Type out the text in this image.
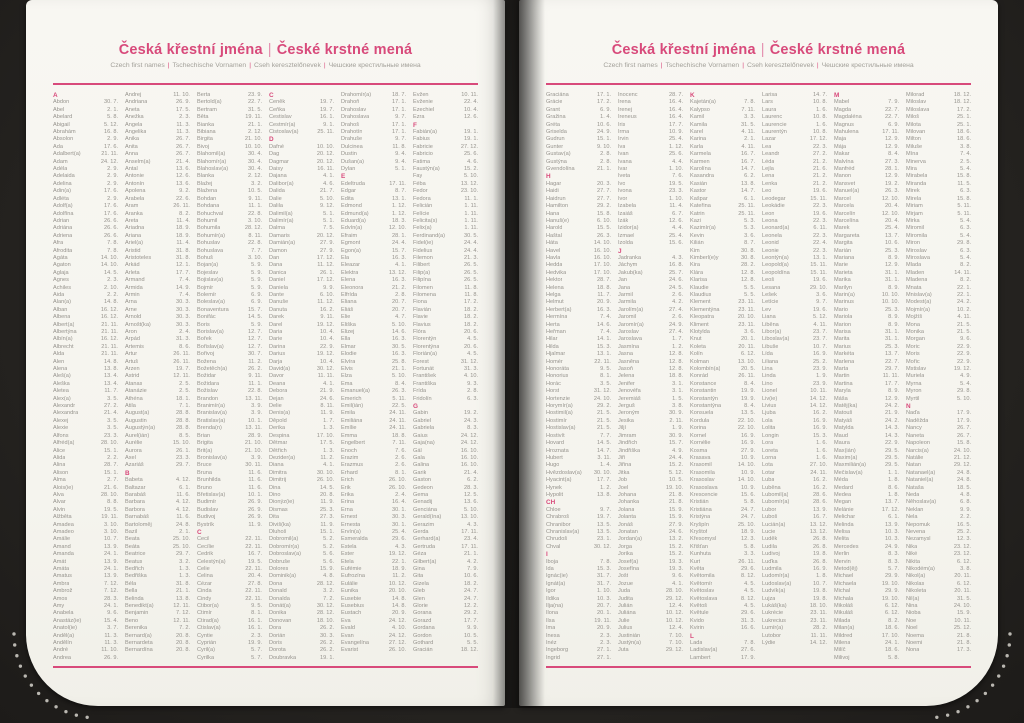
Česká křestní jména | České krstné mená
Czech first names | Tschechische Vornamen | Cseh keresztelőnevek | Чешские крестильные имена
A
Abdon	30. 7.
Ábel	2. 1.
Abelard	5. 8.
Abigail	5. 12.
Abrahám	16. 8.
Absolon	2. 9.
Ada	17. 6.
Adalbert(a)	21. 11.
Adam	24. 12.
Adéla	2. 9.
Adelaida	2. 9.
Adelina	2. 9.
Adin(a)	17. 6.
Adléta	2. 9.
Adolf(a)	17. 6.
Adolfína	17. 6.
Adrian	26. 6.
Adriána	26. 6.
Adriena	26. 6.
Afra	7. 8.
Afrodita	7. 8.
Agáta	14. 10.
Agaton	14. 10.
Aglaja	14. 5.
Agnes	2. 3.
Achiles	2. 10.
Aida	2. 2.
Alan(a)	14. 8.
Alban	16. 12.
Albena	16. 12.
Albert(a)	21. 11.
Albertýna	21. 11.
Albín(a)	16. 12.
Albrecht	21. 11.
Alda	21. 11.
Alen	14. 8.
Alena	13. 8.
Aleš(a)	13. 4.
Aleška	13. 4.
Aletea	11. 7.
Alex(a)	3. 5.
Alexandr	27. 2.
Alexandra	21. 4.
Alexej	3. 5.
Alexie	3. 5.
Alfons	23. 3.
Alfréd(a)	28. 10.
Alice	15. 1.
Alida	2. 2.
Alina	28. 7.
Alison	15. 1.
Alma	2. 7.
Alois(ie)	21. 6.
Alva	28. 10.
Alvar	8. 8.
Alvin	19. 5.
Alžběta	19. 11.
Amadea	3. 10.
Amadeo	3. 10.
Amálie	10. 7.
Amand	13. 9.
Amanda	24. 1.
Amát	13. 9.
Amáta	24. 1.
Amatus	13. 9.
Ambra	7. 12.
Ambrož	7. 12.
Ámos	28. 3.
Amy	24. 1.
Anabela	9. 6.
Anastáz(ie)	15. 4.
Anatol(ie)	3. 7.
Anděl(a)	11. 3.
Andělín	11. 3.
André	11. 10.
Andrea	26. 9.
Andrej	11. 10.
Andriana	26. 9.
Aneta	17. 5.
Anežka	2. 3.
Angela	11. 3.
Angelika	11. 3.
Anika	26. 7.
Anita	26. 7.
Anna	26. 7.
Anselm(a)	21. 4.
Antal	13. 6.
Antonie	12. 6.
Antonín	13. 6.
Apolena	9. 2.
Arabela	22. 6.
Aram	26. 11.
Aranka	8. 2.
Areta	11. 4.
Ariadna	18. 9.
Ariana	18. 9.
Ariel(a)	11. 4.
Aristid	31. 8.
Aristoteles	31. 8.
Arkád	12. 1.
Arleta	17. 7.
Armand	7. 4.
Armida	14. 9.
Armin	7. 4.
Arna	30. 3.
Arne	30. 3.
Arnold	30. 3.
Arnošt(ka)	30. 3.
Áron	2. 4.
Arpád	31. 3.
Artemis	8. 6.
Artur	26. 11.
Artuš	26. 11.
Arzen	19. 7.
Astrid	12. 11.
Atanas	2. 5.
Atanázie	2. 5.
Athéna	18. 1.
Atila	7. 1.
August(a)	28. 8.
Augustin	28. 8.
Augustýn(a)	28. 8.
Aurel(ián)	8. 5.
Aurélie	15. 10.
Aurora	26. 1.
Axel	23. 3.
Azariáš	29. 7.
B
Babeta	4. 12.
Baltazar	6. 1.
Barabáš	11. 6.
Barbara	4. 12.
Barbora	4. 12.
Barnabáš	11. 6.
Bartoloměj	24. 8.
Bazil	2. 1.
Beata	25. 10.
Beáta	25. 10.
Beatrice	29. 7.
Beatus	3. 2.
Bedřich	1. 3.
Bedřiška	1. 3.
Béla	31. 8.
Bella	21. 1.
Belinda	13. 8.
Benedikt(a)	12. 11.
Benjamin	7. 12.
Beno	12. 11.
Berenika	7. 2.
Bernard(a)	20. 8.
Bernardeta	20. 8.
Bernardína	20. 8.
Berta	23. 9.
Bertold(a)	22. 7.
Bertram	31. 5.
Běta	19. 11.
Bianka	21. 1.
Bibiana	2. 12.
Birgita	21. 10.
Bivoj	10. 10.
Blahomil(a)	30. 4.
Blahomír(a)	30. 4.
Blahoslav(a)	30. 4.
Blanka	2. 12.
Blažej	3. 2.
Blažena	10. 5.
Bohdan	9. 11.
Bohdana	11. 1.
Bohuchval	22. 8.
Bohumil	3. 10.
Bohumila	28. 12.
Bohumír(a)	8. 11.
Bohuslav	22. 8.
Bohuslava	7. 7.
Bohuš	3. 10.
Bojan(a)	5. 9.
Bojeslav	5. 9.
Bojislav(a)	5. 9.
Bojmír	5. 9.
Bolemír	6. 9.
Boleslav(a)	6. 9.
Bonaventura	15. 7.
Bonifác	14. 5.
Boris	5. 9.
Borislav(a)	12. 7.
Bořek	12. 7.
Bořislav(a)	12. 7.
Bořivoj	30. 7.
Božena	11. 2.
Božetěch(a)	26. 2.
Božidar	9. 11.
Božidara	11. 1.
Božislav	22. 8.
Brandon	13. 11.
Branimír(a)	3. 9.
Branislav(a)	3. 9.
Bratislav(a)	10. 1.
Brenda(n)	13. 11.
Brian	28. 9.
Brigita	21. 10.
Brit(a)	21. 10.
Bronislav(a)	3. 9.
Bruce	30. 11.
Bruna	11. 6.
Brunhilda	11. 6.
Bruno	11. 6.
Břetislav(a)	10. 1.
Budimír	26. 9.
Budislav	26. 9.
Budivoj	26. 9.
Bystrík	11. 9.
C
Cecil	22. 11.
Cecílie	22. 11.
Cedrik	16. 7.
Celestýn(a)	19. 5.
Celie	22. 11.
Celina	20. 4.
Cézar	27. 8.
Cinda	22. 11.
Cindy	22. 11.
Ctibor(a)	9. 5.
Ctimír	8. 1.
Ctirad(a)	16. 1.
Ctislav(a)	16. 1.
Cyntie	2. 3.
Cyprián	19. 9.
Cyril(a)	5. 7.
Cyrilka	5. 7.
Č
Čeněk	19. 7.
Čeňka	19. 7.
Čestislav	16. 1.
Čestmír(a)	9. 1.
Čistoslav(a)	25. 11.
D
Dafné	10. 10.
Dag	20. 12.
Dagmar	20. 12.
Daisy	16. 11.
Dajana	4. 1.
Dalibor(a)	4. 6.
Dalida	21. 7.
Dalie	5. 10.
Dalila	9. 12.
Dalimil(a)	5. 1.
Dalimír(a)	5. 1.
Dalma	7. 5.
Damaris	20. 12.
Damián(a)	27. 9.
Damon	27. 9.
Dan	17. 12.
Dana	11. 12.
Danica	26. 1.
Daniel	17. 12.
Daniela	9. 9.
Dante	6. 10.
Danuše	11. 12.
Danuta	16. 2.
Darek	9. 11.
Darel	19. 12.
Daria	10. 4.
Darie	10. 4.
Darina	22. 9.
Darius	19. 12.
Darja	10. 4.
David(a)	30. 12.
Davor	11. 11.
Deana	4. 1.
Debora	21. 9.
Dejan	24. 6.
Delie	8. 11.
Denis(a)	11. 9.
Děpold	1. 7.
Derika	1. 3.
Despina	17. 10.
Dětmar	17. 5.
Dětřich	1. 3.
Dezider(a)	11. 2.
Diana	4. 1.
Dimitra	30. 10.
Dimitrij	26. 10.
Dina	14. 5.
Dino	20. 8.
Dionýz(ie)	11. 9.
Dismas	25. 3.
Dita	27. 3.
Diviš(ka)	11. 9.
Dluhoš	15. 1.
Dobromil(a)	5. 2.
Dobromír(a)	5. 2.
Dobroslav(a)	5. 6.
Dobruše	5. 6.
Dolores	15. 9.
Dominik(a)	4. 8.
Dona	28. 12.
Donald	3. 2.
Donalda	7. 2.
Donát(a)	30. 12.
Donika	28. 12.
Donovan	18. 10.
Dora	26. 2.
Dorián	30. 3.
Doris	26. 2.
Dorota	26. 2.
Doubravka	19. 1.
Drahomír(a)	18. 7.
Drahoň	17. 1.
Drahoslav	17. 1.
Drahoslava	9. 7.
Drahoš	17. 1.
Drahotín	17. 1.
Drahuše	9. 7.
Dulcinea	11. 8.
Dustin	9. 4.
Dušan(a)	9. 4.
Dylan	5. 1.
E
Edeltruda	17. 11.
Edgar	8. 7.
Edita	13. 1.
Edmond	1. 12.
Edmund(a)	1. 12.
Eduard(a)	18. 3.
Edvín(a)	12. 10.
Efraim	28. 1.
Egmont	24. 4.
Egon(a)	15. 7.
Ela	16. 3.
Eleazar	4. 1.
Elektra	13. 12.
Elena	16. 3.
Eleonora	21. 2.
Elfrída	2. 8.
Eliana	20. 7.
Eliáš	20. 7.
Elie	4. 7.
Eliška	5. 10.
Elizej	14. 6.
Ella	16. 3.
Elmar	30. 5.
Elodie	16. 3.
Elvíra	25. 8.
Elvis	21. 1.
Elza	5. 10.
Ema	8. 4.
Emanuel(a)	26. 3.
Emerich	5. 11.
Emil(ián)	22. 5.
Emila	24. 11.
Emiliána	24. 11.
Emílie	24. 11.
Emma	18. 8.
Engelbert	7. 11.
Enoch	7. 6.
Erazim	2. 6.
Erazmus	2. 6.
Erhard	8. 1.
Erich	26. 10.
Erik	26. 10.
Erika	2. 4.
Erina	16. 4.
Erna	30. 1.
Ernest	30. 3.
Ernesta	30. 1.
Ervín(a)	25. 4.
Esmeralda	29. 6.
Estela	4. 3.
Ester	19. 12.
Etela	22. 1.
Eufémie	18. 9.
Eufrozína	11. 2.
Eulálie	10. 12.
Eunika	20. 10.
Eusebie	14. 8.
Eusebius	14. 8.
Eustach	20. 9.
Eva	24. 12.
Evald	4. 10.
Evan	24. 12.
Evangelína	27. 12.
Evarist	26. 10.
Evžen	10. 11.
Evženie	22. 4.
Ezechiel	10. 4.
Ezra	12. 6.
F
Fabián(a)	19. 1.
Fabius	19. 1.
Fabricie	27. 12.
Fabricio	25. 6.
Fatima	4. 6.
Faustýn(a)	15. 2.
Fay	5. 10.
Féba	13. 12.
Fedor	23. 10.
Fedora	11. 1.
Felicián	1. 11.
Felície	1. 11.
Felicita(s)	1. 11.
Felix(a)	1. 11.
Ferdinand(a)	30. 5.
Fidel(ie)	24. 4.
Fidelius	24. 4.
Filemon	21. 3.
Filibert	26. 5.
Filip(a)	26. 5.
Filipína	26. 5.
Filomen	11. 8.
Filomena	11. 8.
Fiona	17. 2.
Flavián	18. 2.
Flavie	18. 2.
Flavius	18. 2.
Flóra	20. 6.
Florentýn	4. 5.
Florentýna	20. 6.
Florián(a)	4. 5.
Forest	31. 12.
Fortunát	31. 3.
František	4. 10.
Františka	9. 3.
Frída	2. 8.
Fridolín	6. 3.
G
Gabin	19. 2.
Gabriel	24. 3.
Gabriela	8. 3.
Gaius	24. 12.
Gaja(na)	24. 12.
Gál	16. 10.
Gala	16. 10.
Galina	16. 10.
Garik	21. 4.
Gaston	6. 2.
Gedeon	28. 3.
Gema	12. 5.
Genadij	13. 6.
Genciána	5. 10.
Gerald(ína)	13. 10.
Gerazim	4. 3.
Gerda	17. 11.
Gerhard(a)	23. 4.
Gertruda	17. 11.
Géza	21. 1.
Gilbert(a)	4. 2.
Gina	7. 9.
Gita	10. 6.
Gizela	18. 2.
Gleb	24. 7.
Glen	24. 7.
Glorie	12. 2.
Gorana	29. 2.
Gorazd	17. 7.
Gordana	9. 9.
Gordon	10. 5.
Gothard	5. 5.
Gracián	18. 12.
Česká křestní jména | České krstné mená
Czech first names | Tschechische Vornamen | Cseh keresztelőnevek | Чешские крестильные имена
Graciána	17. 1.
Grácie	17. 2.
Grant	6. 9.
Gražina	1. 4.
Gréta	10. 6.
Griselda	24. 9.
Gudrun	15. 1.
Gunter	9. 10.
Gustav(a)	2. 8.
Gustýna	2. 8.
Gvendolína	21. 1.
H
Hagar	20. 3.
Haidi	27. 7.
Haidrun	27. 7.
Hamilton	29. 2.
Hana	15. 8.
Hanuš(e)	6. 10.
Harold	15. 5.
Haštal	26. 3.
Háta	14. 10.
Havel	16. 10.
Havla	16. 10.
Hedda	17. 10.
Hedvika	17. 10.
Hektor	28. 7.
Helena	18. 8.
Helga	11. 7.
Helmut	20. 9.
Herbert(a)	16. 3.
Hermína	7. 4.
Herta	14. 6.
Heřman	7. 4.
Hilar	14. 1.
Hilda	15. 3.
Hjalmar	13. 1.
Homér	22. 11.
Honoráta	9. 5.
Honorius	8. 1.
Horác	3. 5.
Horst	31. 12.
Hortenzie	24. 10.
Horymír(a)	29. 2.
Hostimil(a)	21. 5.
Hostimír	21. 5.
Hostislav(a)	21. 5.
Hostivít	7. 7.
Hovard	14. 5.
Hroznata	14. 7.
Hubert	3. 11.
Hugo	1. 4.
Hvězdoslav(a) 30. 10.
Hyacint(a)	17. 7.
Hynek	1. 2.
Hypolit	13. 8.
CH
Chloe	9. 7.
Chrabroš	19. 7.
Chranibor	13. 5.
Chranislav(a)	13. 5.
Chrudoš	23. 1.
Chval	30. 12.
I
Iboja	7. 8.
Ida	15. 3.
Ignác(ie)	31. 7.
Ignát(a)	31. 7.
Igor	1. 10.
Ildika	10. 3.
Ilja(na)	20. 7.
Ilona	20. 1.
Ilsa	19. 11.
Ima	20. 9.
Inesa	2. 3.
Inéz	2. 3.
Ingeborg	27. 1.
Ingrid	27. 1.
Inocenc	28. 7.
Irena	16. 4.
Irenej	16. 4.
Ireneus	16. 4.
Iris	17. 7.
Irma	10. 9.
Irvin	25. 4.
Iva	1. 12.
Ivan	25. 6.
Ivana	4. 4.
Ivar	1. 10.
Iveta	7. 6.
Ivo	19. 5.
Ivona	23. 3.
Ivor	1. 10.
Izabela	11. 4.
Izaiáš	6. 7.
Izák	12. 6.
Izidor(a)	4. 4.
Izmael	25. 4.
Izolda	15. 6.
J
Jadranka	4. 3.
Jáchym	16. 8.
Jakub(ka)	25. 7.
Jan	24. 6.
Jana	24. 5.
Jarmil	2. 6.
Jarmila	4. 2.
Jarolím(a)	27. 4.
Jaromil	2. 6.
Jaromír(a)	24. 9.
Jaroslav	27. 4.
Jaroslava	1. 7.
Jasmína	1. 2.
Jasna	12. 8.
Jasněna	12. 8.
Jasoň	12. 8.
Jelena	18. 8.
Jenifer	3. 1.
Jenovéfa	3. 1.
Jeremiáš	1. 5.
Jerguš	3. 8.
Jeroným	30. 9.
Jesika	2. 11.
Jiljí	1. 9.
Jimram	30. 9.
Jindřich	15. 7.
Jindřiška	4. 9.
Jiří	24. 4.
Jiřina	15. 2.
Jitka	5. 12.
Job	10. 5.
Joel	19. 10.
Johana	21. 8.
Johanka	21. 8.
Jolana	15. 9.
Jolanta	15. 9.
Jonáš	27. 9.
Jonatan	24. 6.
Jordan(a)	13. 2.
Jorga	15. 2.
Jorika	15. 2.
Josef(a)	19. 3.
Josefína	19. 3.
Jošt	9. 6.
Jozue	4. 1.
Juda	28. 10.
Judita	29. 12.
Julián	12. 4.
Juliána	10. 12.
Julie	10. 12.
Julius	12. 4.
Justinián	7. 10.
Justýn(a)	7. 10.
Juta	29. 12.
K
Kajetán(a)	7. 8.
Kalypso	7. 11.
Kamil	3. 3.
Kamila	31. 5.
Karel	4. 11.
Karina	2. 1.
Karla	4. 11.
Karmela	16. 7.
Karmen	16. 7.
Karolína	14. 7.
Kasandra	6. 2.
Kasián	13. 8.
Kastor	14. 7.
Kašpar	6. 1.
Kateřina	25. 11.
Katrin	25. 11.
Kazi	5. 3.
Kazimír(a)	5. 3.
Kevin	3. 6.
Kilián	8. 7.
Kim	30. 8.
Kimberl(e)y	30. 8.
Kira	28. 2.
Klára	12. 8.
Klarisa	12. 8.
Klaudie	5. 5.
Klaudius	5. 5.
Klement	23. 11.
Klementýna	23. 11.
Kleopatra	20. 10.
Kliment	23. 11.
Klotylda	3. 6.
Knut	20. 1.
Koleta	20. 11.
Kolín	6. 12.
Kolman	13. 10.
Kolombín(a)	20. 5.
Konrád	26. 11.
Konstance	8. 4.
Konstantin	19. 9.
Konstantýn	19. 9.
Konstantýna	8. 4.
Konsuela	13. 5.
Kordula	22. 10.
Korina	22. 10.
Kornel	16. 9.
Kornélie	16. 9.
Kosma	27. 9.
Krasava	10. 9.
Krasomil	14. 10.
Krasomila	10. 9.
Krasoslav	14. 10.
Krasoslava	10. 9.
Krescencie	15. 6.
Kristián	5. 8.
Kristiána	24. 7.
Kristýna	24. 7.
Kryšpín	25. 10.
Kryštof	18. 9.
Křesomysl	12. 3.
Křišťan	5. 8.
Kunhuta	3. 3.
Kurt	26. 11.
Květa	29. 6.
Květomila	8. 12.
Květomír	4. 5.
Květoslav	4. 5.
Květoslava	8. 12.
Květoš	4. 5.
Květule	29. 6.
Kvido	31. 3.
Kvirin	16. 6.
L
Lada	7. 8.
Ladislav(a)	27. 6.
Lambert	17. 9.
Larisa	14. 7.
Lars	10. 8.
Laura	1. 6.
Laurenc	10. 8.
Laurencie	1. 6.
Laurentýn	10. 8.
Lazar	17. 12.
Lea	22. 3.
Leandr	27. 2.
Léda	21. 2.
Lejla	21. 6.
Lena	21. 2.
Lenka	21. 2.
Leo	19. 6.
Leodegar	15. 11.
Leokádie	22. 3.
Leon	19. 6.
Leona	22. 3.
Leonard(a)	6. 11.
Leonela	22. 3.
Leonid	22. 4.
Leonie	22. 3.
Leontýn(a)	13. 1.
Leopold(a)	15. 11.
Leopoldína	15. 11.
Leoš	19. 6.
Lesana	29. 10.
Lešek	3. 6.
Letície	9. 7.
Lev	19. 6.
Liana	5. 12.
Liběna	4. 11.
Libor(a)	23. 7.
Liboslav(a)	23. 7.
Libuše	10. 7.
Lída	16. 9.
Liliana	25. 2.
Lina	23. 9.
Linda	1. 9.
Lino	23. 9.
Lionel	10. 11.
Liv(ie)	14. 12.
Livius	14. 12.
Ljuba	16. 2.
Lola	16. 9.
Lolita	16. 9.
Longin	15. 3.
Lora	1. 6.
Loreta	1. 6.
Lorna	1. 6.
Lota	27. 10.
Lotar	24. 11.
Luba	16. 2.
Luběna	16. 2.
Lubomil(a)	28. 6.
Lubomír(a)	28. 6.
Lubor	13. 9.
Luboš	16. 7.
Lucián(a)	13. 12.
Lucie	13. 12.
Luděk	26. 8.
Ludila	26. 8.
Ludivoj	19. 8.
Luďka	26. 8.
Ludmila	16. 9.
Ludomír(a)	1. 8.
Ludoslav(a)	10. 7.
Ludvík(a)	19. 8.
Lujza	19. 8.
Lukáš(ka)	18. 10.
Lukrécie	23. 11.
Lukrecius	23. 11.
Lumír(a)	28. 2.
Lutobor	11. 11.
Lýdie	14. 12.
M
Mabel	7. 9.
Magda	22. 7.
Magdaléna	22. 7.
Magnus	6. 9.
Mahulena	17. 11.
Maja	12. 9.
Mája	12. 9.
Makar	8. 4.
Malvína	27. 3.
Manfréd	28. 1.
Manon	12. 9.
Mansvet	19. 2.
Manuel(a)	26. 3.
Marcel	12. 10.
Marcela	20. 4.
Marcelín	12. 10.
Marcelína	20. 4.
Marek	25. 4.
Margareta	13. 7.
Margita	10. 6.
Marián	25. 3.
Mariana	8. 9.
Marie	12. 9.
Marieta	31. 1.
Marika	31. 1.
Marilyn	8. 9.
Marin(a)	10. 10.
Marinus	10. 10.
Mario	25. 3.
Mariola	8. 9.
Marion	8. 9.
Marisa	31. 1.
Marita	31. 1.
Marius	25. 3.
Markéta	13. 7.
Marlena	22. 7.
Marta	29. 7.
Martin	11. 11.
Martina	17. 7.
Maryla	8. 9.
Máša	12. 9.
Matěj(ka)	24. 2.
Matouš	21. 9.
Matyáš	24. 2.
Matylda	14. 3.
Maud	14. 3.
Maura	22. 9.
Max(ián)	29. 5.
Maxim(a)	29. 5.
Maxmilián(a)	29. 5.
Mečislav(a)	1. 1.
Méda	1. 8.
Medard	8. 6.
Medea	1. 8.
Megan	13. 7.
Melánie	17. 12.
Melichar	6. 1.
Melinda	13. 9.
Melisa	10. 3.
Melita	10. 3.
Mercedes	24. 9.
Merlin	8. 3.
Mervin	8. 3.
Metod(ěj)	5. 7.
Michael	29. 9.
Michaela	19. 10.
Michal	29. 9.
Michala	19. 10.
Mikoláš	6. 12.
Mikuláš	6. 12.
Milada	8. 2.
Milan(a)	18. 6.
Mildred	17. 10.
Milena	24. 1.
Milíč	18. 6.
Milivoj	5. 8.
Milorad	18. 12.
Miloslav	18. 12.
Miloslava	17. 2.
Miloš	25. 1.
Milota	25. 1.
Milovan	18. 6.
Milton	18. 6.
Miluše	3. 8.
Mína	7. 4.
Minerva	2. 5.
Mira	5. 4.
Mirabela	15. 8.
Miranda	11. 5.
Mirek	6. 3.
Mirela	15. 8.
Miriam	5. 11.
Mirjam	5. 11.
Mirka	5. 4.
Miromil	6. 3.
Miromila	5. 4.
Miron	29. 8.
Miroslav	6. 3.
Miroslava	5. 4.
Mlada	8. 2.
Mladen	14. 11.
Mladena	8. 2.
Mnata	22. 1.
Mnislav(a)	22. 1.
Modest(a)	24. 2.
Mojmír(a)	10. 2.
Mojžíš	4. 11.
Mona	21. 5.
Monika	21. 5.
Morgan	9. 6.
Moric	22. 9.
Moris	22. 9.
Mořic	22. 9.
Mstislav	19. 12.
Muriela	4. 9.
Myrna	5. 4.
Myron	29. 8.
Myrtil	5. 10.
N
Naďa	17. 9.
Naděžda	17. 9.
Nancy	26. 7.
Naneta	26. 7.
Napoleon	15. 8.
Narcis(a)	24. 10.
Natálie	21. 12.
Natan	29. 12.
Natanael(a)	24. 8.
Nataniel(a)	24. 8.
Nataša	18. 5.
Neda	4. 8.
Něhoslav(a)	6. 8.
Neklan	9. 9.
Nela	2. 2.
Nepomuk	16. 5.
Nevena	25. 2.
Nezamysl	12. 3.
Nika	23. 12.
Niké	23. 12.
Nikita	6. 12.
Nikodém(a)	3. 8.
Nikol(a)	20. 11.
Nikolas	6. 12.
Nikoleta	20. 11.
Nil(a)	31. 5.
Nina	24. 10.
Nioba	15. 9.
Noe	10. 11.
Noel	25. 12.
Noema	21. 8.
Noemi	21. 8.
Nona	17. 3.
